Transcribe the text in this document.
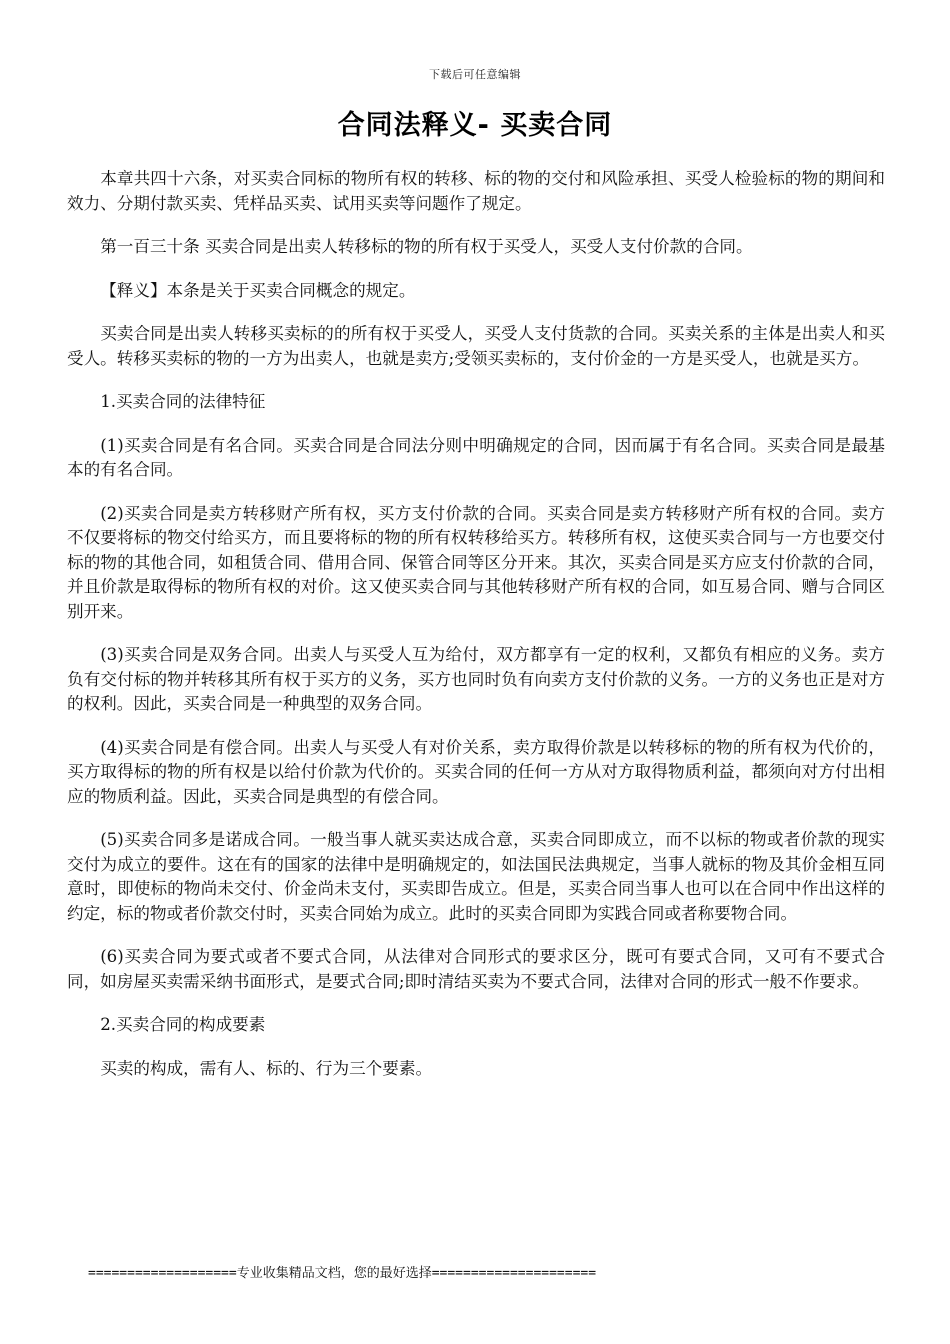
下载后可任意编辑
合同法释义- 买卖合同

本章共四十六条，对买卖合同标的物所有权的转移、标的物的交付和风险承担、买受人检验标的物的期间和效力、分期付款买卖、凭样品买卖、试用买卖等问题作了规定。

第一百三十条 买卖合同是出卖人转移标的物的所有权于买受人，买受人支付价款的合同。

【释义】本条是关于买卖合同概念的规定。

买卖合同是出卖人转移买卖标的的所有权于买受人，买受人支付货款的合同。买卖关系的主体是出卖人和买受人。转移买卖标的物的一方为出卖人，也就是卖方;受领买卖标的，支付价金的一方是买受人，也就是买方。

1.买卖合同的法律特征

(1)买卖合同是有名合同。买卖合同是合同法分则中明确规定的合同，因而属于有名合同。买卖合同是最基本的有名合同。

(2)买卖合同是卖方转移财产所有权，买方支付价款的合同。买卖合同是卖方转移财产所有权的合同。卖方不仅要将标的物交付给买方，而且要将标的物的所有权转移给买方。转移所有权，这使买卖合同与一方也要交付标的物的其他合同，如租赁合同、借用合同、保管合同等区分开来。其次，买卖合同是买方应支付价款的合同，并且价款是取得标的物所有权的对价。这又使买卖合同与其他转移财产所有权的合同，如互易合同、赠与合同区别开来。

(3)买卖合同是双务合同。出卖人与买受人互为给付，双方都享有一定的权利，又都负有相应的义务。卖方负有交付标的物并转移其所有权于买方的义务，买方也同时负有向卖方支付价款的义务。一方的义务也正是对方的权利。因此，买卖合同是一种典型的双务合同。

(4)买卖合同是有偿合同。出卖人与买受人有对价关系，卖方取得价款是以转移标的物的所有权为代价的，买方取得标的物的所有权是以给付价款为代价的。买卖合同的任何一方从对方取得物质利益，都须向对方付出相应的物质利益。因此，买卖合同是典型的有偿合同。

(5)买卖合同多是诺成合同。一般当事人就买卖达成合意，买卖合同即成立，而不以标的物或者价款的现实交付为成立的要件。这在有的国家的法律中是明确规定的，如法国民法典规定，当事人就标的物及其价金相互同意时，即使标的物尚未交付、价金尚未支付，买卖即告成立。但是，买卖合同当事人也可以在合同中作出这样的约定，标的物或者价款交付时，买卖合同始为成立。此时的买卖合同即为实践合同或者称要物合同。

(6)买卖合同为要式或者不要式合同，从法律对合同形式的要求区分，既可有要式合同，又可有不要式合同，如房屋买卖需采纳书面形式，是要式合同;即时清结买卖为不要式合同，法律对合同的形式一般不作要求。

2.买卖合同的构成要素

买卖的构成，需有人、标的、行为三个要素。

===================专业收集精品文档，您的最好选择=====================
